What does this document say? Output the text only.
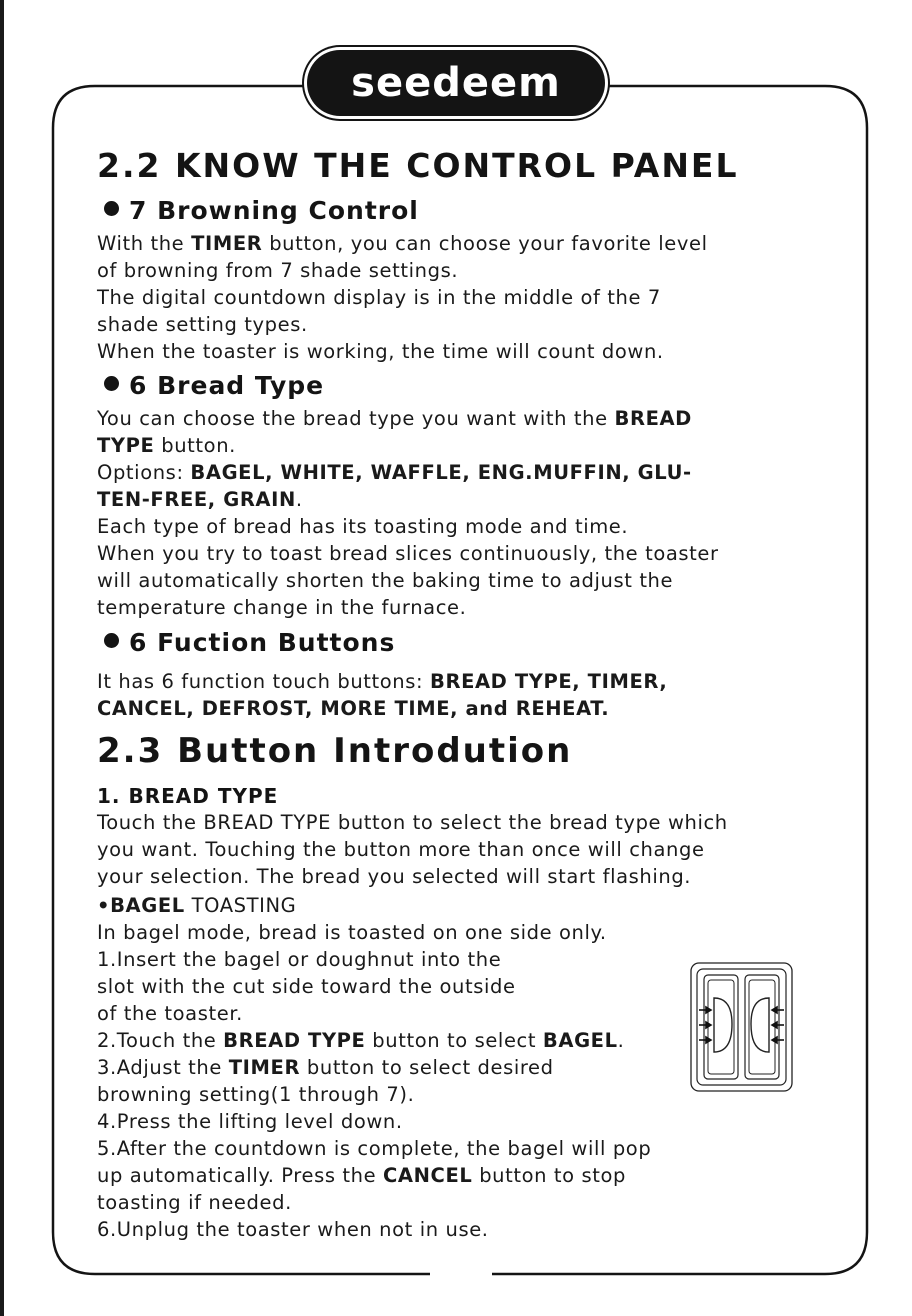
seedeem
2.2 KNOW THE CONTROL PANEL
7 Browning Control
With the TIMER button, you can choose your favorite level
of browning from 7 shade settings.
The digital countdown display is in the middle of the 7
shade setting types.
When the toaster is working, the time will count down.
6 Bread Type
You can choose the bread type you want with the BREAD
TYPE button.
Options: BAGEL, WHITE, WAFFLE, ENG.MUFFIN, GLU-
TEN-FREE, GRAIN.
Each type of bread has its toasting mode and time.
When you try to toast bread slices continuously, the toaster
will automatically shorten the baking time to adjust the
temperature change in the furnace.
6 Fuction Buttons
It has 6 function touch buttons: BREAD TYPE, TIMER,
CANCEL, DEFROST, MORE TIME, and REHEAT.
2.3 Button Introdution
1. BREAD TYPE
Touch the BREAD TYPE button to select the bread type which
you want. Touching the button more than once will change
your selection. The bread you selected will start flashing.
•BAGEL TOASTING
In bagel mode, bread is toasted on one side only.
1.Insert the bagel or doughnut into the
slot with the cut side toward the outside
of the toaster.
2.Touch the BREAD TYPE button to select BAGEL.
3.Adjust the TIMER button to select desired
browning setting(1 through 7).
4.Press the lifting level down.
5.After the countdown is complete, the bagel will pop
up automatically. Press the CANCEL button to stop
toasting if needed.
6.Unplug the toaster when not in use.
